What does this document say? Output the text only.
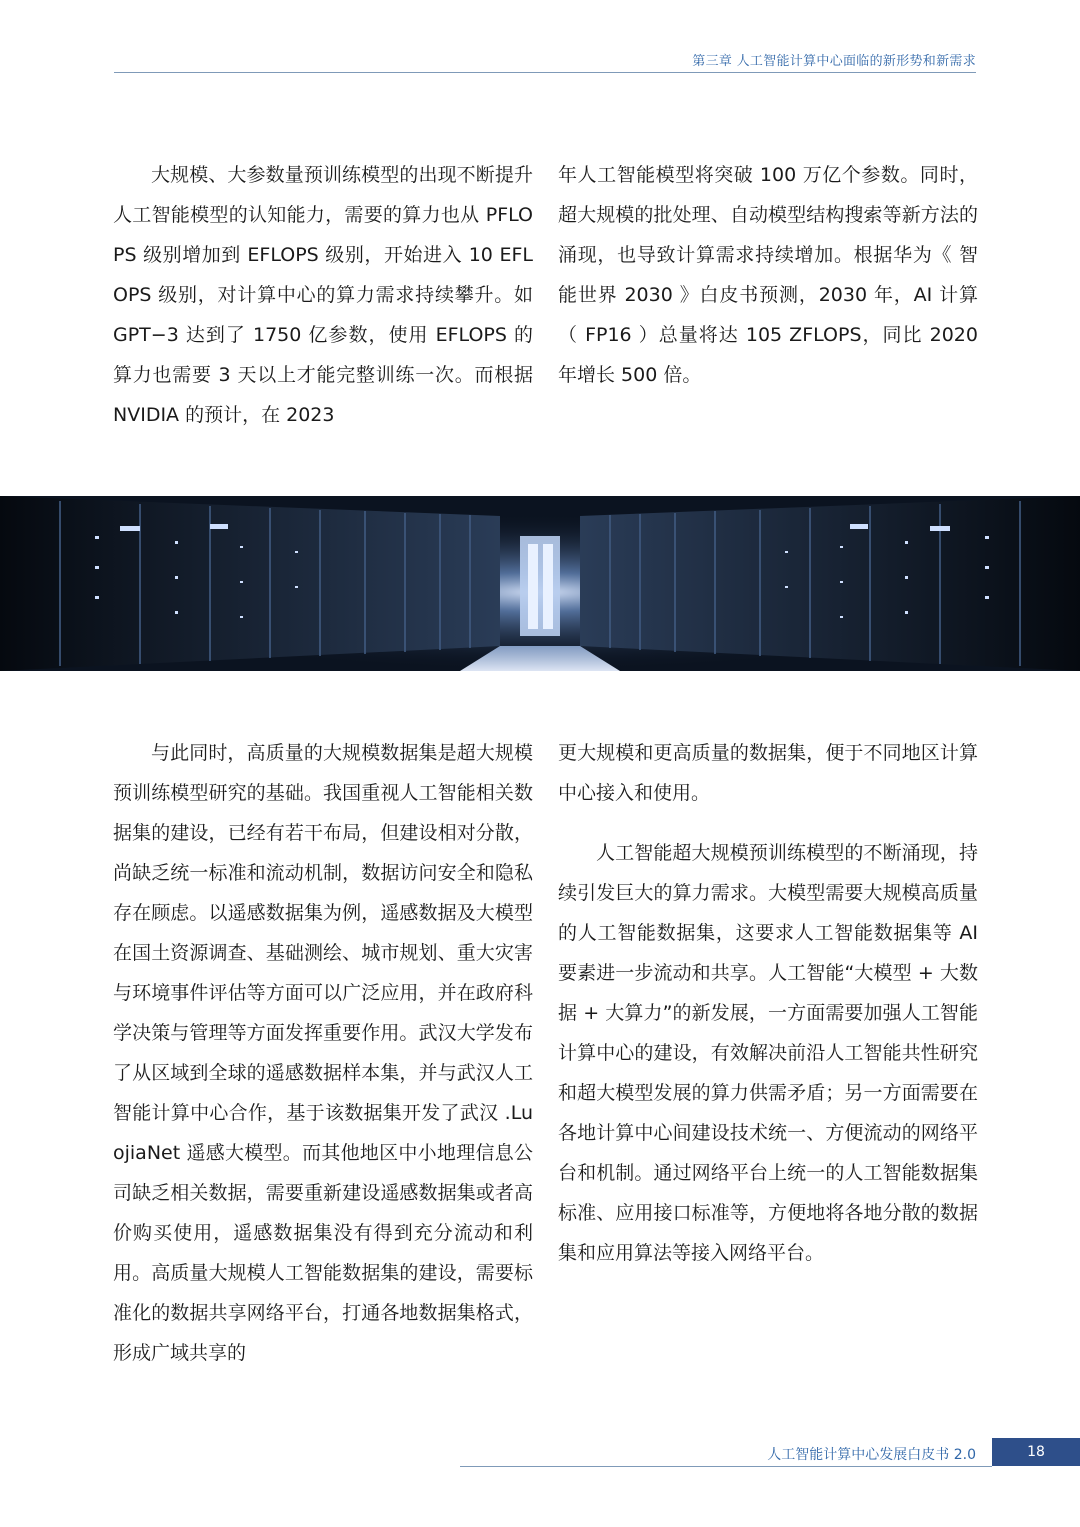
第三章 人工智能计算中心面临的新形势和新需求

大规模、大参数量预训练模型的出现不断提升人工智能模型的认知能力，需要的算力也从 PFLOPS 级别增加到 EFLOPS 级别，开始进入 10 EFLOPS 级别，对计算中心的算力需求持续攀升。如 GPT−3 达到了 1750 亿参数，使用 EFLOPS 的算力也需要 3 天以上才能完整训练一次。而根据 NVIDIA 的预计，在 2023

年人工智能模型将突破 100 万亿个参数。同时，超大规模的批处理、自动模型结构搜索等新方法的涌现，也导致计算需求持续增加。根据华为《 智能世界 2030 》白皮书预测，2030 年，AI 计算（ FP16 ）总量将达 105 ZFLOPS，同比 2020 年增长 500 倍。

与此同时，高质量的大规模数据集是超大规模预训练模型研究的基础。我国重视人工智能相关数据集的建设，已经有若干布局，但建设相对分散，尚缺乏统一标准和流动机制，数据访问安全和隐私存在顾虑。以遥感数据集为例，遥感数据及大模型在国土资源调查、基础测绘、城市规划、重大灾害与环境事件评估等方面可以广泛应用，并在政府科学决策与管理等方面发挥重要作用。武汉大学发布了从区域到全球的遥感数据样本集，并与武汉人工智能计算中心合作，基于该数据集开发了武汉 .LuojiaNet 遥感大模型。而其他地区中小地理信息公司缺乏相关数据，需要重新建设遥感数据集或者高价购买使用，遥感数据集没有得到充分流动和利用。高质量大规模人工智能数据集的建设，需要标准化的数据共享网络平台，打通各地数据集格式，形成广域共享的

更大规模和更高质量的数据集，便于不同地区计算中心接入和使用。

人工智能超大规模预训练模型的不断涌现，持续引发巨大的算力需求。大模型需要大规模高质量的人工智能数据集，这要求人工智能数据集等 AI 要素进一步流动和共享。人工智能“大模型 + 大数据 + 大算力”的新发展，一方面需要加强人工智能计算中心的建设，有效解决前沿人工智能共性研究和超大模型发展的算力供需矛盾；另一方面需要在各地计算中心间建设技术统一、方便流动的网络平台和机制。通过网络平台上统一的人工智能数据集标准、应用接口标准等，方便地将各地分散的数据集和应用算法等接入网络平台。

人工智能计算中心发展白皮书 2.0	18
